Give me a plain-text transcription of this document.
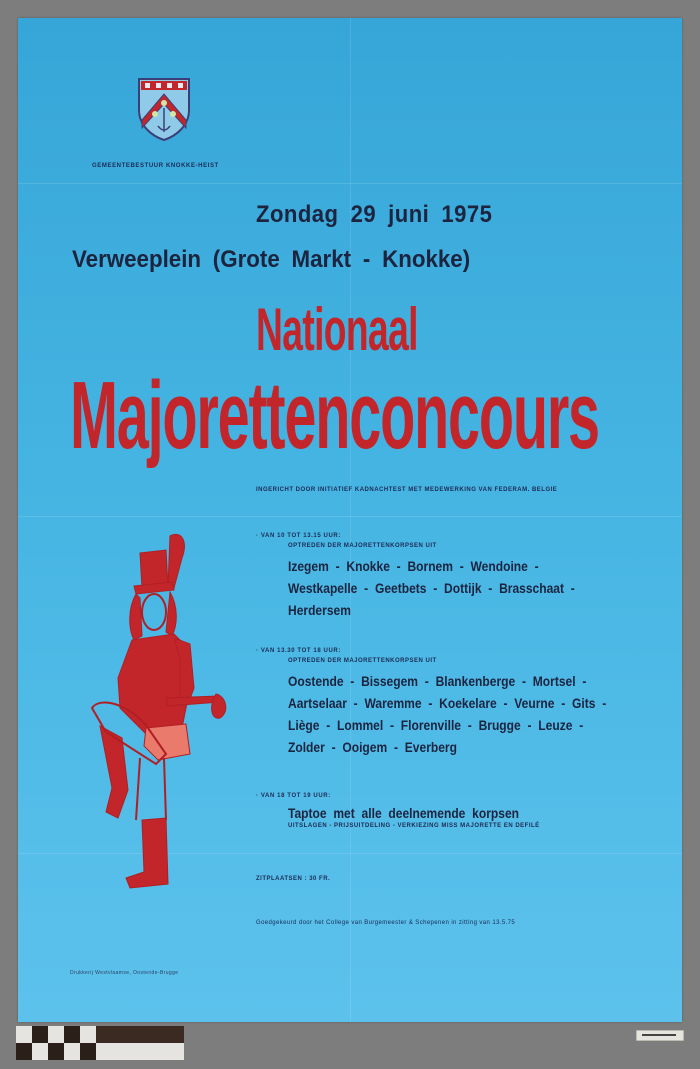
GEMEENTEBESTUUR KNOKKE-HEIST
Zondag 29 juni 1975
Verweeplein (Grote Markt - Knokke)
Nationaal
Majorettenconcours
INGERICHT DOOR INITIATIEF KADNACHTEST MET MEDEWERKING VAN FEDERAM. BELGIE
· VAN 10 TOT 13.15 UUR:
OPTREDEN DER MAJORETTENKORPSEN UIT
Izegem - Knokke - Bornem - Wendoine -
Westkapelle - Geetbets - Dottijk - Brasschaat -
Herdersem
· VAN 13.30 TOT 18 UUR:
OPTREDEN DER MAJORETTENKORPSEN UIT
Oostende - Bissegem - Blankenberge - Mortsel -
Aartselaar - Waremme - Koekelare - Veurne - Gits -
Liège - Lommel - Florenville - Brugge - Leuze -
Zolder - Ooigem - Everberg
· VAN 18 TOT 19 UUR:
Taptoe met alle deelnemende korpsen
UITSLAGEN - PRIJSUITDELING - VERKIEZING MISS MAJORETTE EN DEFILÉ
ZITPLAATSEN : 30 FR.
Goedgekeurd door het College van Burgemeester & Schepenen in zitting van 13.5.75
Drukkerij Westvlaamse, Oostende-Brugge
